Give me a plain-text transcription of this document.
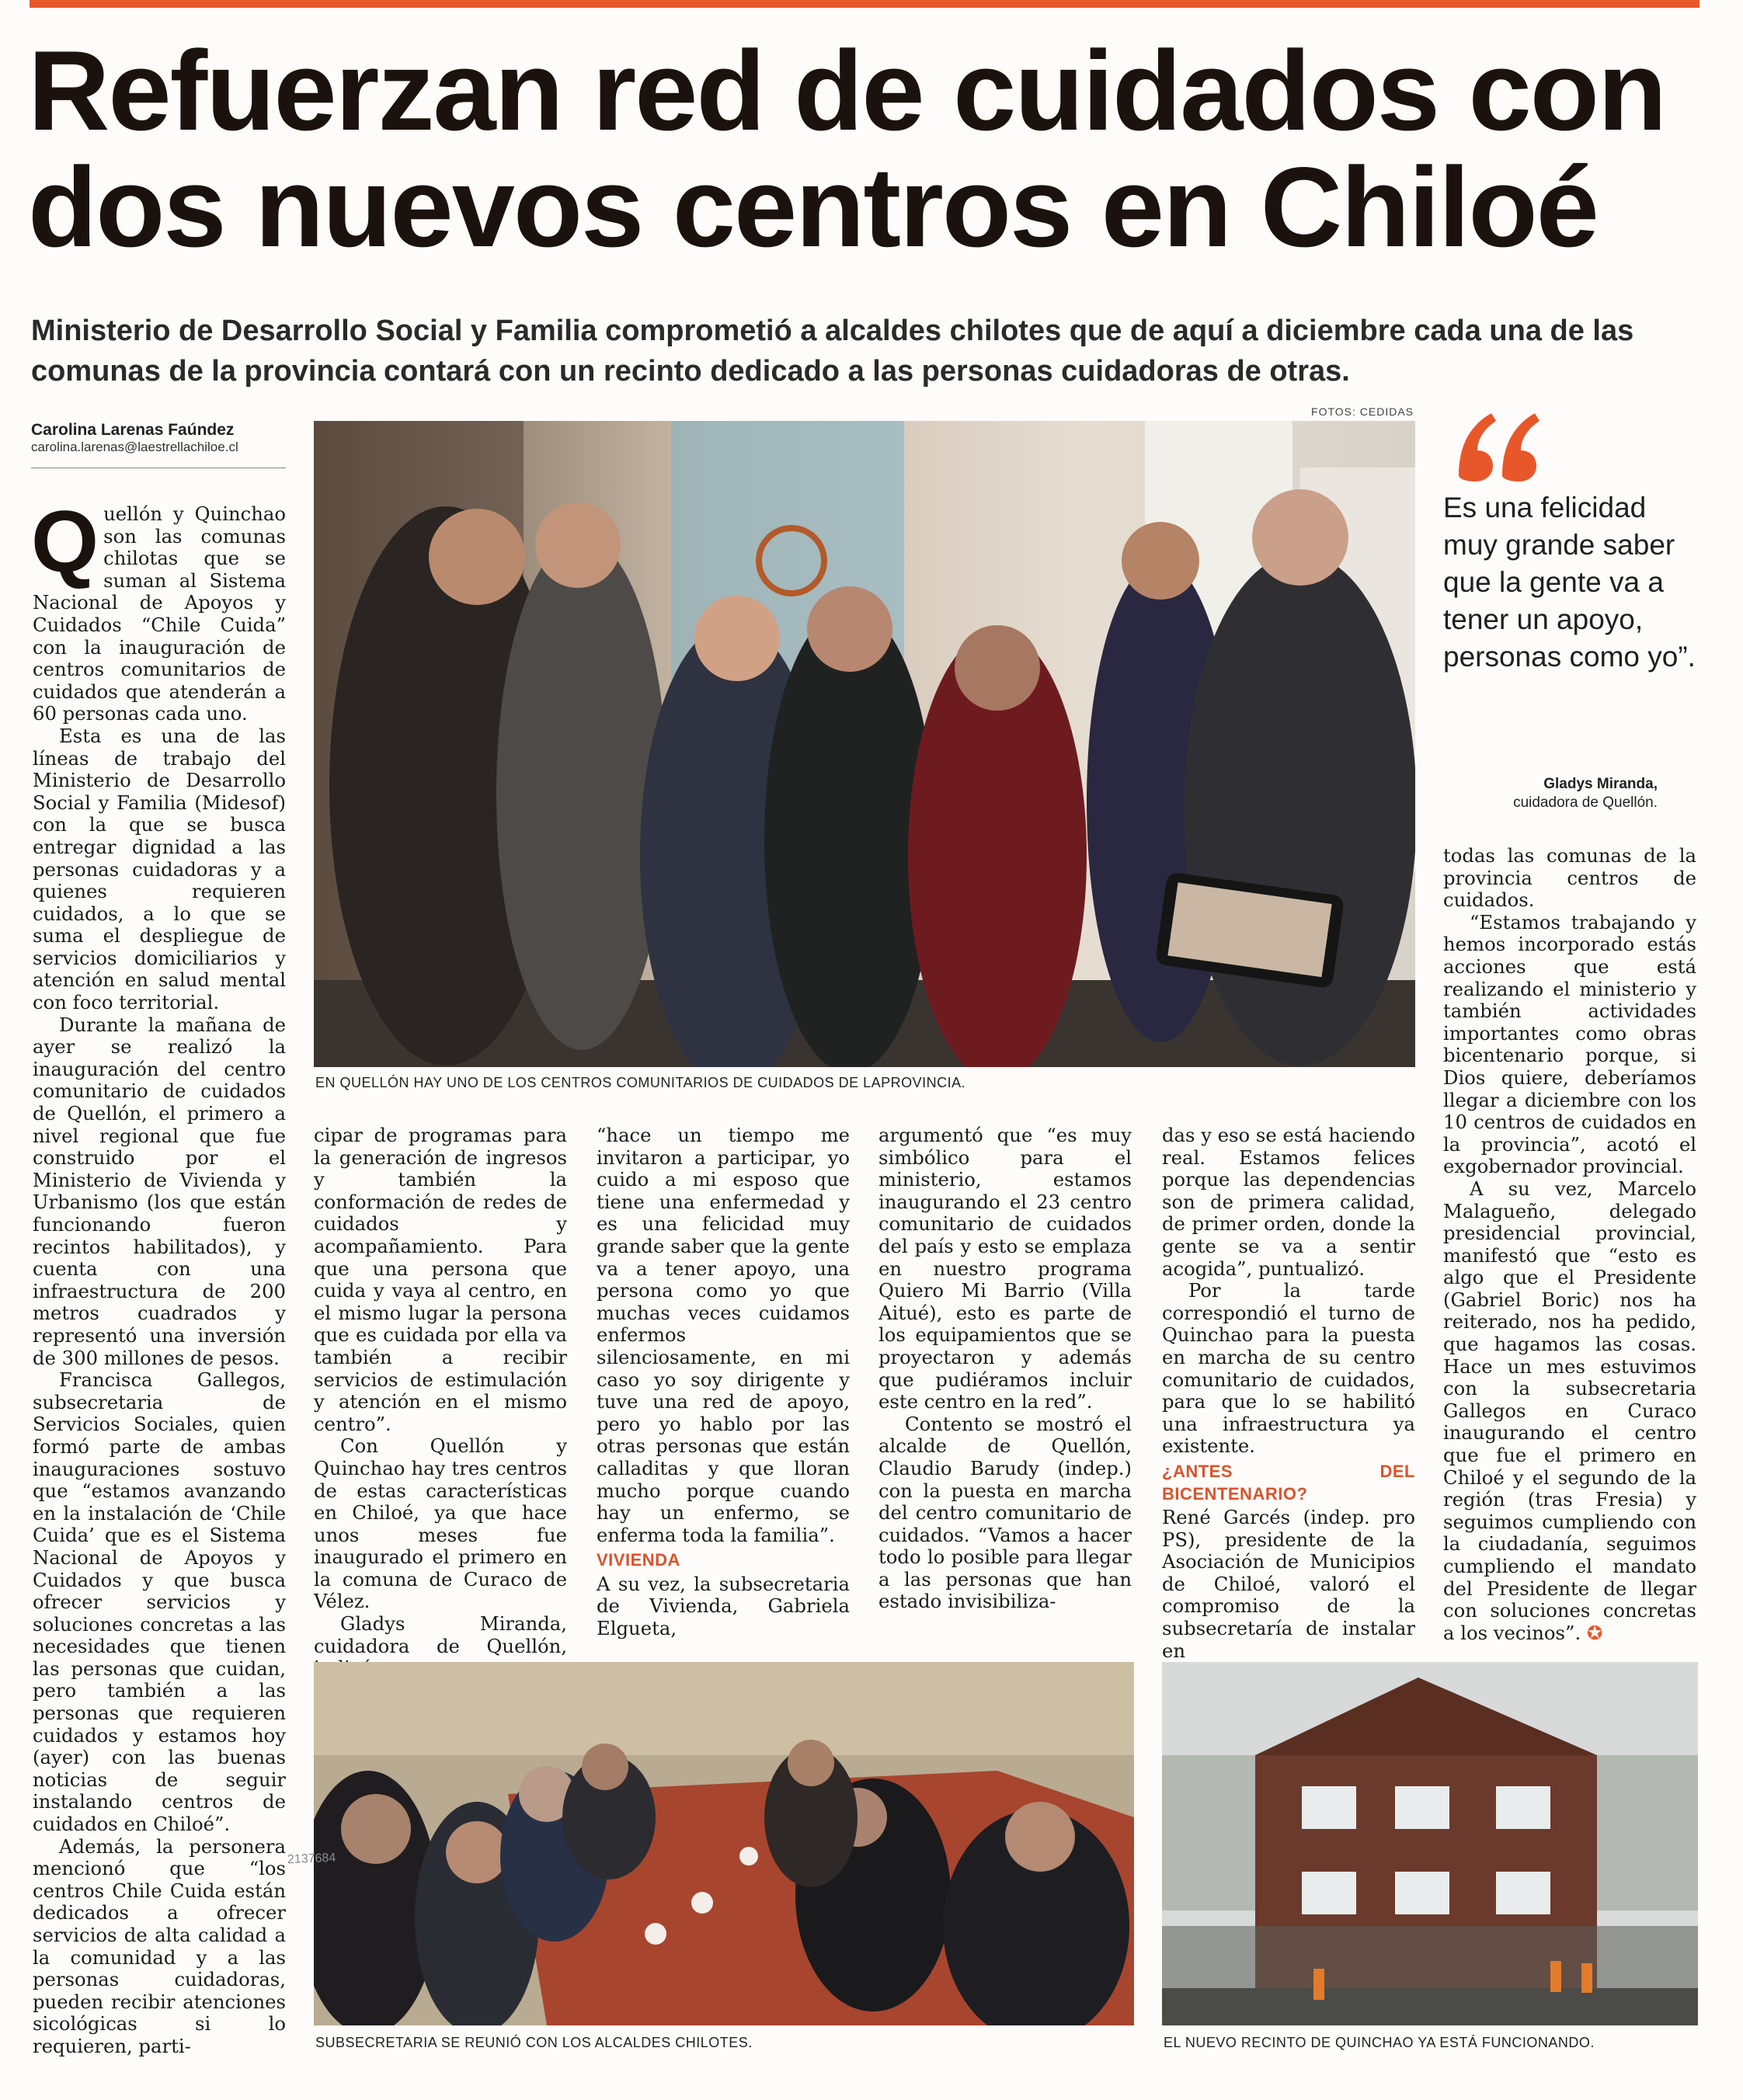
Refuerzan red de cuidados con
dos nuevos centros en Chiloé
Ministerio de Desarrollo Social y Familia comprometió a alcaldes chilotes que de aquí a diciembre cada una de las
comunas de la provincia contará con un recinto dedicado a las personas cuidadoras de otras.
FOTOS: CEDIDAS
Carolina Larenas Faúndez
carolina.larenas@laestrellachiloe.cl
Q uellón y Quinchao son las comunas chilotas que se suman al Sistema Nacional de Apoyos y Cuidados “Chile Cuida” con la inauguración de centros comunitarios de cuidados que atenderán a 60 personas cada uno.

Esta es una de las líneas de trabajo del Ministerio de Desarrollo Social y Familia (Midesof) con la que se busca entregar dignidad a las personas cuidadoras y a quienes requieren cuidados, a lo que se suma el despliegue de servicios domiciliarios y atención en salud mental con foco territorial.

Durante la mañana de ayer se realizó la inauguración del centro comunitario de cuidados de Quellón, el primero a nivel regional que fue construido por el Ministerio de Vivienda y Urbanismo (los que están funcionando fueron recintos habilitados), y cuenta con una infraestructura de 200 metros cuadrados y representó una inversión de 300 millones de pesos.

Francisca Gallegos, subsecretaria de Servicios Sociales, quien formó parte de ambas inauguraciones sostuvo que “estamos avanzando en la instalación de ‘Chile Cuida’ que es el Sistema Nacional de Apoyos y Cuidados y que busca ofrecer servicios y soluciones concretas a las necesidades que tienen las personas que cuidan, pero también a las personas que requieren cuidados y estamos hoy (ayer) con las buenas noticias de seguir instalando centros de cuidados en Chiloé”.

Además, la personera mencionó que “los centros Chile Cuida están dedicados a ofrecer servicios de alta calidad a la comunidad y a las personas cuidadoras, pueden recibir atenciones sicológicas si lo requieren, parti-

EN QUELLÓN HAY UNO DE LOS CENTROS COMUNITARIOS DE CUIDADOS DE LAPROVINCIA.
Es una felicidad muy grande saber que la gente va a tener un apoyo, personas como yo”.
Gladys Miranda,
cuidadora de Quellón.

cipar de programas para la generación de ingresos y también la conformación de redes de cuidados y acompañamiento. Para que una persona que cuida y vaya al centro, en el mismo lugar la persona que es cuidada por ella va también a recibir servicios de estimulación y atención en el mismo centro”.

Con Quellón y Quinchao hay tres centros de estas características en Chiloé, ya que hace unos meses fue inaugurado el primero en la comuna de Curaco de Vélez.

Gladys Miranda, cuidadora de Quellón,

“hace un tiempo me invitaron a participar, yo cuido a mi esposo que tiene una enfermedad y es una felicidad muy grande saber que la gente va a tener apoyo, una persona como yo que muchas veces cuidamos enfermos silenciosamente, en mi caso yo soy dirigente y tuve una red de apoyo, pero yo hablo por las otras personas que están calladitas y que lloran mucho porque cuando hay un enfermo, se enferma toda la familia”.

VIVIENDA

A su vez, la subsecretaria de Vivienda, Gabriela Elgueta,

argumentó que “es muy simbólico para el ministerio, estamos inaugurando el 23 centro comunitario de cuidados del país y esto se emplaza en nuestro programa Quiero Mi Barrio (Villa Aitué), esto es parte de los equipamientos que se proyectaron y además que pudiéramos incluir este centro en la red”.

Contento se mostró el alcalde de Quellón, Claudio Barudy (indep.) con la puesta en marcha del centro comunitario de cuidados. “Vamos a hacer todo lo posible para llegar a las personas que han estado invisibiliza-

das y eso se está haciendo real. Estamos felices porque las dependencias son de primera calidad, de primer orden, donde la gente se va a sentir acogida”, puntualizó.

Por la tarde correspondió el turno de Quinchao para la puesta en marcha de su centro comunitario de cuidados, para que lo se habilitó una infraestructura ya existente.

¿ANTES DEL BICENTENARIO?

René Garcés (indep. pro PS), presidente de la Asociación de Municipios de Chiloé, valoró el compromiso de la subsecretaría de instalar en

todas las comunas de la provincia centros de cuidados.

“Estamos trabajando y hemos incorporado estás acciones que está realizando el ministerio y también actividades importantes como obras bicentenario porque, si Dios quiere, deberíamos llegar a diciembre con los 10 centros de cuidados en la provincia”, acotó el exgobernador provincial.

A su vez, Marcelo Malagueño, delegado presidencial provincial, manifestó que “esto es algo que el Presidente (Gabriel Boric) nos ha reiterado, nos ha pedido, que hagamos las cosas. Hace un mes estuvimos con la subsecretaria Gallegos en Curaco inaugurando el centro que fue el primero en Chiloé y el segundo de la región (tras Fresia) y seguimos cumpliendo con la ciudadanía, seguimos cumpliendo el mandato del Presidente de llegar con soluciones concretas a los vecinos”. ✪

SUBSECRETARIA SE REUNIÓ CON LOS ALCALDES CHILOTES.	EL NUEVO RECINTO DE QUINCHAO YA ESTÁ FUNCIONANDO.
2137684
